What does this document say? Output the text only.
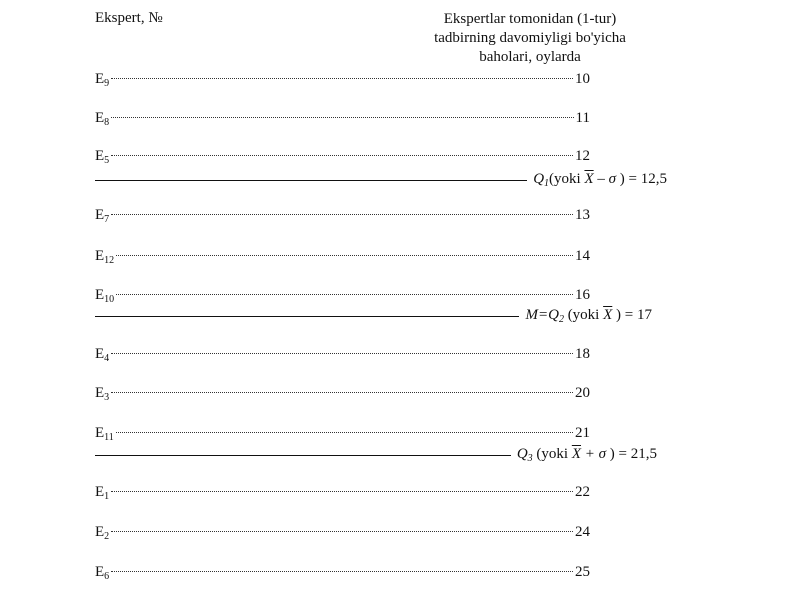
Ekspert, №	Ekspertlar tomonidan (1-tur)
tadbirning davomiyligi bo'yicha
baholari, oylarda
$E_9$	10
$E_8$	11
$E_5$	12
$Q_1(yoki$ $\overline{X}$ – σ ) = 12,5
$E_7$	13
$E_{12}$	14
$E_{10}$	16
$M=Q_2$ (yoki $\overline{X}$ ) = 17
$E_4$	18
$E_3$	20
$E_{11}$	21
$Q_3$ (yoki $\overline{X} + \sigma$ ) = 21,5
$E_1$	22
$E_2$	24
$E_6$	25
